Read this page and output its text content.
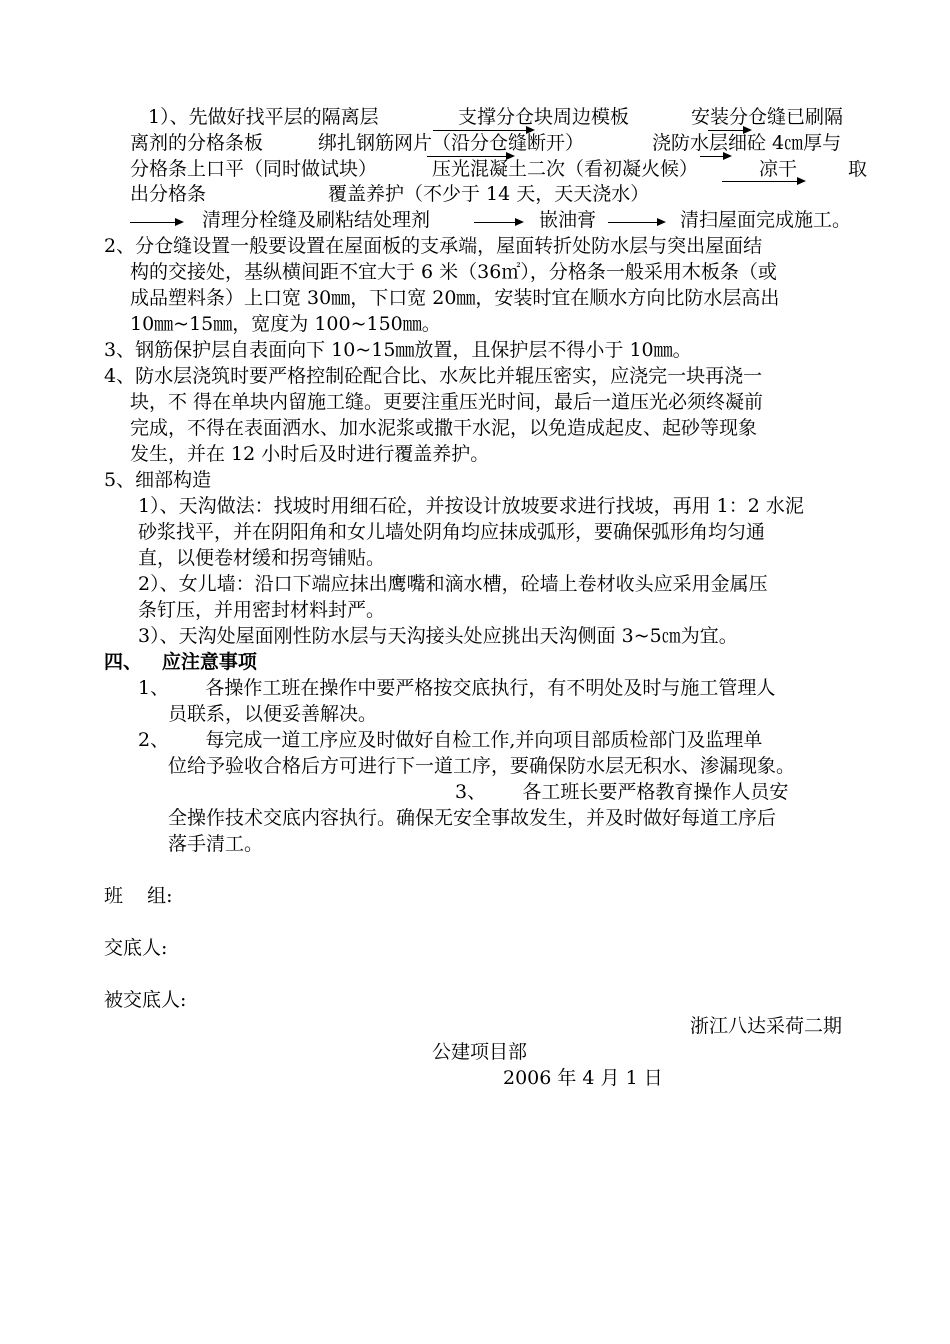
1）、先做好找平层的隔离层	支撑分仓块周边模板	安装分仓缝已刷隔
离剂的分格条板	绑扎钢筋网片（沿分仓缝断开）	浇防水层细砼 4㎝厚与
分格条上口平（同时做试块）	压光混凝土二次（看初凝火候）	凉干	取
出分格条	覆盖养护（不少于 14 天，天天浇水）
清理分栓缝及刷粘结处理剂	嵌油膏	清扫屋面完成施工。
2、分仓缝设置一般要设置在屋面板的支承端，屋面转折处防水层与突出屋面结
构的交接处，基纵横间距不宜大于 6 米（36㎡），分格条一般采用木板条（或
成品塑料条）上口宽 30㎜，下口宽 20㎜，安装时宜在顺水方向比防水层高出
10㎜~15㎜，宽度为 100~150㎜。
3、钢筋保护层自表面向下 10~15㎜放置，且保护层不得小于 10㎜。
4、防水层浇筑时要严格控制砼配合比、水灰比并辊压密实，应浇完一块再浇一
块，不 得在单块内留施工缝。更要注重压光时间，最后一道压光必须终凝前
完成，不得在表面洒水、加水泥浆或撒干水泥，以免造成起皮、起砂等现象
发生，并在 12 小时后及时进行覆盖养护。
5、细部构造
1）、天沟做法：找坡时用细石砼，并按设计放坡要求进行找坡，再用 1：2 水泥
砂浆找平，并在阴阳角和女儿墙处阴角均应抹成弧形，要确保弧形角均匀通
直，以便卷材缓和拐弯铺贴。
2）、女儿墙：沿口下端应抹出鹰嘴和滴水槽，砼墙上卷材收头应采用金属压
条钉压，并用密封材料封严。
3）、天沟处屋面刚性防水层与天沟接头处应挑出天沟侧面 3~5㎝为宜。
四、   应注意事项
1、      各操作工班在操作中要严格按交底执行，有不明处及时与施工管理人
员联系，以便妥善解决。
2、      每完成一道工序应及时做好自检工作,并向项目部质检部门及监理单
位给予验收合格后方可进行下一道工序，要确保防水层无积水、渗漏现象。
3、      各工班长要严格教育操作人员安
全操作技术交底内容执行。确保无安全事故发生，并及时做好每道工序后
落手清工。
班    组:
交底人:
被交底人:
浙江八达采荷二期
公建项目部
2006 年 4 月 1 日
